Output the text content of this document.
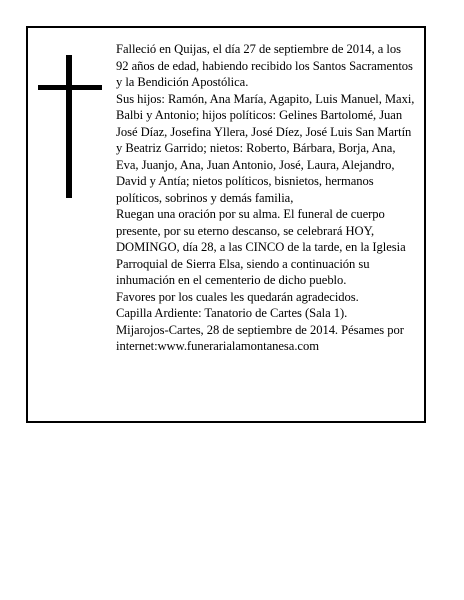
Falleció en Quijas, el día 27 de septiembre de 2014, a los 92 años de edad, habiendo recibido los Santos Sacramentos y la Bendición Apostólica.

Sus hijos: Ramón, Ana María, Agapito, Luis Manuel, Maxi, Balbi y Antonio; hijos políticos: Gelines Bartolomé, Juan José Díaz, Josefina Yllera, José Díez, José Luis San Martín y Beatriz Garrido; nietos: Roberto, Bárbara, Borja, Ana, Eva, Juanjo, Ana, Juan Antonio, José, Laura, Alejandro, David y Antía; nietos políticos, bisnietos, hermanos políticos, sobrinos y demás familia,

Ruegan una oración por su alma. El funeral de cuerpo presente, por su eterno descanso, se celebrará HOY, DOMINGO, día 28, a las CINCO de la tarde, en la Iglesia Parroquial de Sierra Elsa, siendo a continuación su inhumación en el cementerio de dicho pueblo.

Favores por los cuales les quedarán agradecidos.

Capilla Ardiente: Tanatorio de Cartes (Sala 1).

Mijarojos-Cartes, 28 de septiembre de 2014. Pésames por internet:www.funerarialamontanesa.com
